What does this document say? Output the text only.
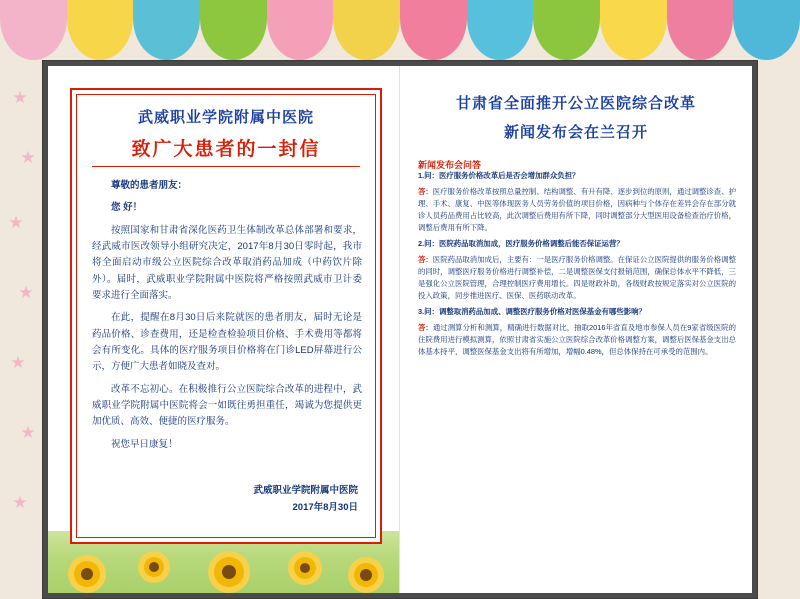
★
★
★
★
★
★
★
武威职业学院附属中医院
致广大患者的一封信

尊敬的患者朋友：

您 好！

按照国家和甘肃省深化医药卫生体制改革总体部署和要求，经武威市医改领导小组研究决定，2017年8月30日零时起，我市将全面启动市级公立医院综合改革取消药品加成（中药饮片除外）。届时，武威职业学院附属中医院将严格按照武威市卫计委要求进行全面落实。

在此，提醒在8月30日后来院就医的患者朋友，届时无论是药品价格、诊查费用，还是检查检验项目价格、手术费用等都将会有所变化。具体的医疗服务项目价格将在门诊LED屏幕进行公示，方便广大患者如晓及查对。

改革不忘初心。在积极推行公立医院综合改革的进程中，武威职业学院附属中医院将会一如既往勇担重任，竭诚为您提供更加优质、高效、便捷的医疗服务。

祝您早日康复！

武威职业学院附属中医院
2017年8月30日
甘肃省全面推开公立医院综合改革
新闻发布会在兰召开
新闻发布会问答

1.问：医疗服务价格改革后是否会增加群众负担？

答：医疗服务价格改革按照总量控制、结构调整、有升有降、逐步到位的原则，通过调整诊查、护理、手术、康复、中医等体现医务人员劳务价值的项目价格，因病种与个体存在差异会存在部分就诊人员药品费用占比较高，此次调整后费用有所下降，同时调整部分大型医用设备检查治疗价格，调整后费用有所下降。

2.问：医院药品取消加成，医疗服务价格调整后能否保证运营？

答：医院药品取消加成后，主要有：一是医疗服务价格调整。在保证公立医院提供的服务价格调整的同时，调整医疗服务价格进行调整补偿，二是调整医保支付报销范围，确保总体水平不降低，三是强化公立医院管理，合理控制医疗费用增长。四是财政补助，各级财政按规定落实对公立医院的投入政策，同步推进医疗、医保、医药联动改革。

3.问：调整取消药品加成、调整医疗服务价格对医保基金有哪些影响？

答：通过测算分析和测算，精确进行数据对比，抽取2016年省直及地市参保人员在9家省级医院的住院费用进行模拟测算，依照甘肃省实施公立医院综合改革价格调整方案，调整后医保基金支出总体基本持平，调整医保基金支出将有所增加，增幅0.48%，但总体保持在可承受的范围内。
